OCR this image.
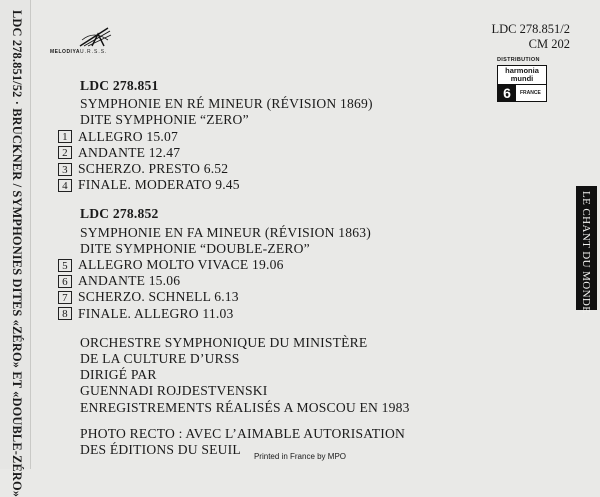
LDC 278.851/52 · BRUCKNER / SYMPHONIES DITES «ZÉRO» ET «DOUBLE-ZÉRO»	MELODIYA U.R.S.S.
LDC 278.851/2
CM 202
DISTRIBUTION
harmonia
mundi
6	FRANCE
LE CHANT DU MONDE
LDC 278.851
SYMPHONIE EN RÉ MINEUR (RÉVISION 1869)
DITE SYMPHONIE “ZERO”
1 ALLEGRO 15.07
2 ANDANTE 12.47
3 SCHERZO. PRESTO 6.52
4 FINALE. MODERATO 9.45
LDC 278.852
SYMPHONIE EN FA MINEUR (RÉVISION 1863)
DITE SYMPHONIE “DOUBLE-ZERO”
5 ALLEGRO MOLTO VIVACE 19.06
6 ANDANTE 15.06
7 SCHERZO. SCHNELL 6.13
8 FINALE. ALLEGRO 11.03
ORCHESTRE SYMPHONIQUE DU MINISTÈRE
DE LA CULTURE D’URSS
DIRIGÉ PAR
GUENNADI ROJDESTVENSKI
ENREGISTREMENTS RÉALISÉS A MOSCOU EN 1983
PHOTO RECTO : AVEC L’AIMABLE AUTORISATION
DES ÉDITIONS DU SEUIL	Printed in France by MPO
